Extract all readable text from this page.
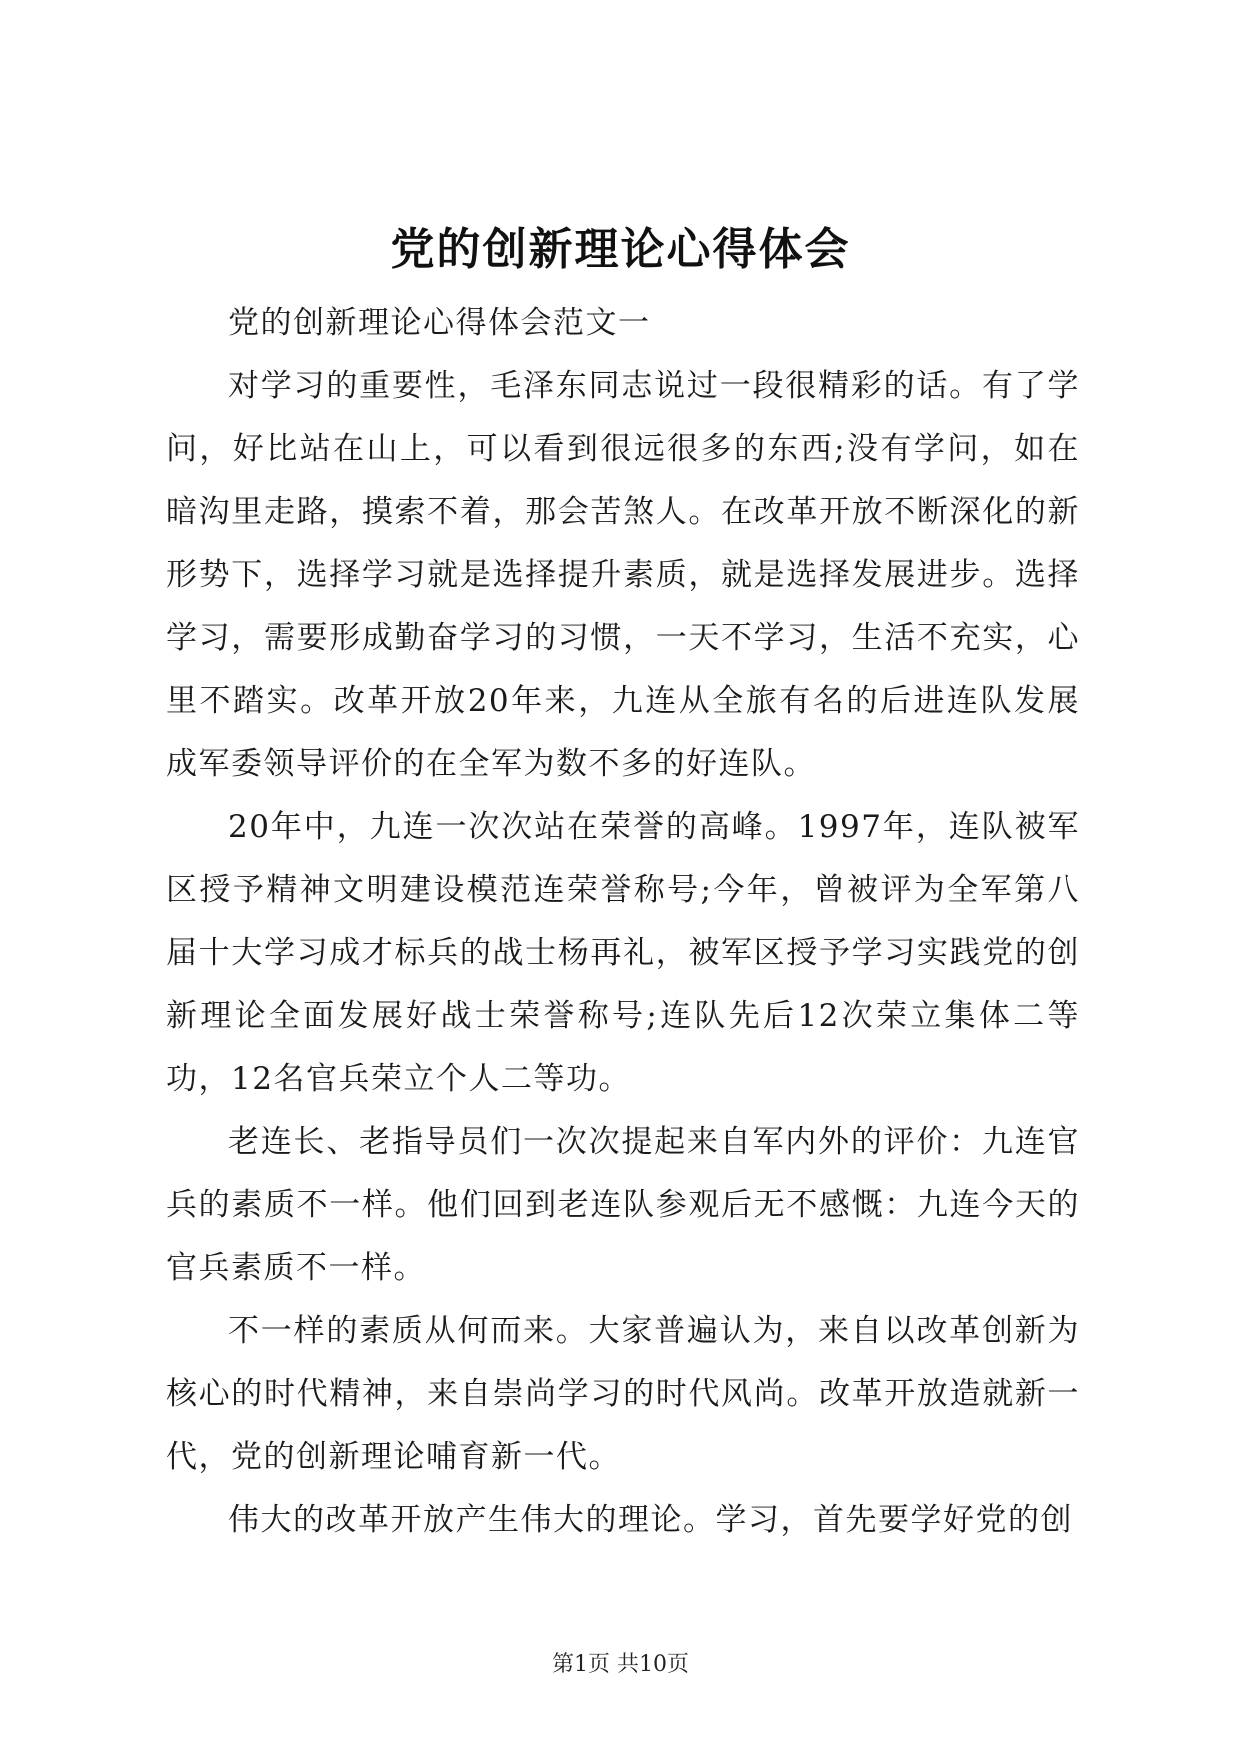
党的创新理论心得体会

党的创新理论心得体会范文一

对学习的重要性，毛泽东同志说过一段很精彩的话。有了学问，好比站在山上，可以看到很远很多的东西;没有学问，如在暗沟里走路，摸索不着，那会苦煞人。在改革开放不断深化的新形势下，选择学习就是选择提升素质，就是选择发展进步。选择学习，需要形成勤奋学习的习惯，一天不学习，生活不充实，心里不踏实。改革开放20年来，九连从全旅有名的后进连队发展成军委领导评价的在全军为数不多的好连队。

20年中，九连一次次站在荣誉的高峰。1997年，连队被军区授予精神文明建设模范连荣誉称号;今年，曾被评为全军第八届十大学习成才标兵的战士杨再礼，被军区授予学习实践党的创新理论全面发展好战士荣誉称号;连队先后12次荣立集体二等功，12名官兵荣立个人二等功。

老连长、老指导员们一次次提起来自军内外的评价：九连官兵的素质不一样。他们回到老连队参观后无不感慨：九连今天的官兵素质不一样。

不一样的素质从何而来。大家普遍认为，来自以改革创新为核心的时代精神，来自崇尚学习的时代风尚。改革开放造就新一代，党的创新理论哺育新一代。

伟大的改革开放产生伟大的理论。学习，首先要学好党的创

第1页 共10页
